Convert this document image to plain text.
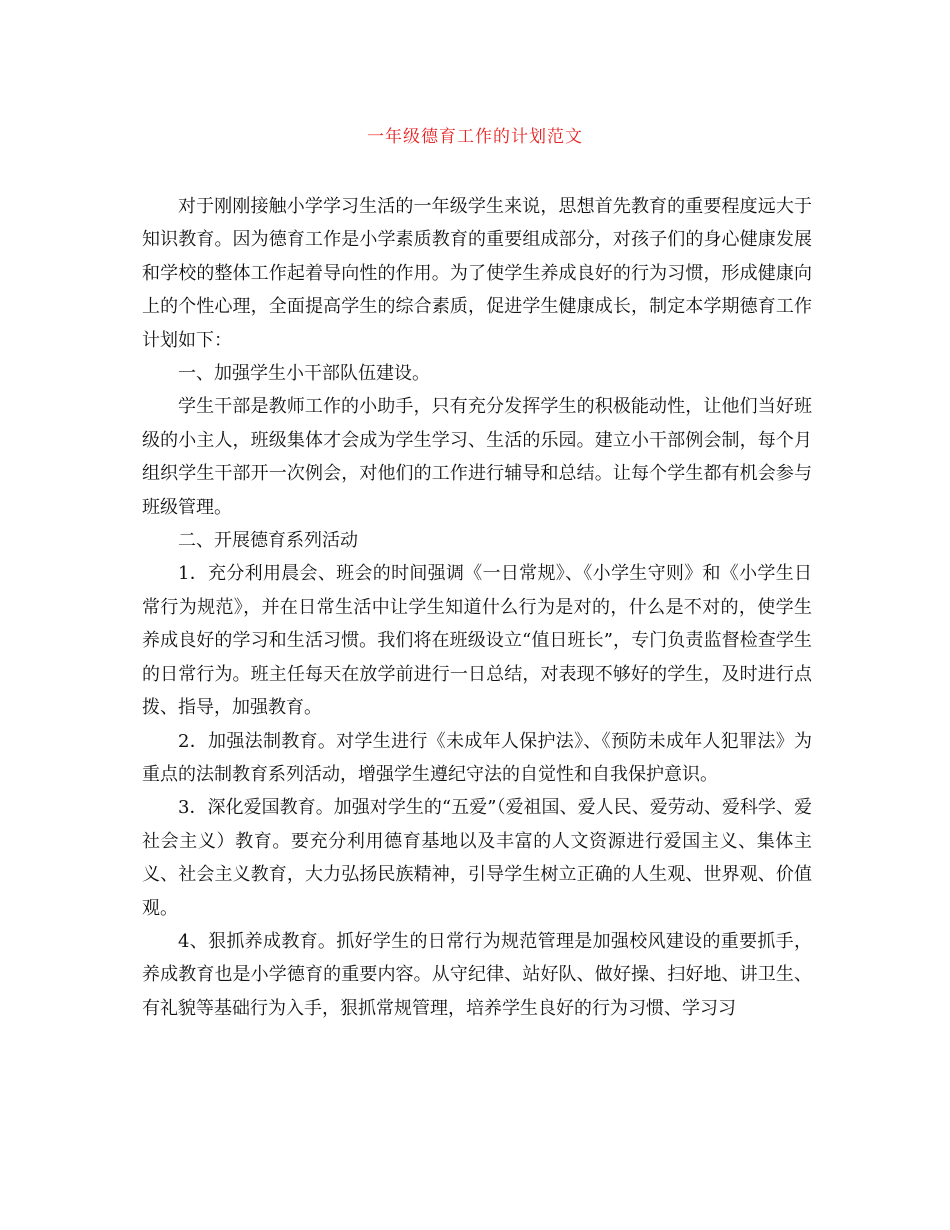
一年级德育工作的计划范文

对于刚刚接触小学学习生活的一年级学生来说，思想首先教育的重要程度远大于知识教育。因为德育工作是小学素质教育的重要组成部分，对孩子们的身心健康发展和学校的整体工作起着导向性的作用。为了使学生养成良好的行为习惯，形成健康向上的个性心理，全面提高学生的综合素质，促进学生健康成长，制定本学期德育工作计划如下：

一、加强学生小干部队伍建设。

学生干部是教师工作的小助手，只有充分发挥学生的积极能动性，让他们当好班级的小主人，班级集体才会成为学生学习、生活的乐园。建立小干部例会制，每个月组织学生干部开一次例会，对他们的工作进行辅导和总结。让每个学生都有机会参与班级管理。

二、开展德育系列活动

1．充分利用晨会、班会的时间强调《一日常规》、《小学生守则》和《小学生日常行为规范》，并在日常生活中让学生知道什么行为是对的，什么是不对的，使学生养成良好的学习和生活习惯。我们将在班级设立“值日班长”，专门负责监督检查学生的日常行为。班主任每天在放学前进行一日总结，对表现不够好的学生，及时进行点拨、指导，加强教育。

2．加强法制教育。对学生进行《未成年人保护法》、《预防未成年人犯罪法》为重点的法制教育系列活动，增强学生遵纪守法的自觉性和自我保护意识。

3．深化爱国教育。加强对学生的“五爱”（爱祖国、爱人民、爱劳动、爱科学、爱社会主义）教育。要充分利用德育基地以及丰富的人文资源进行爱国主义、集体主义、社会主义教育，大力弘扬民族精神，引导学生树立正确的人生观、世界观、价值观。

4、狠抓养成教育。抓好学生的日常行为规范管理是加强校风建设的重要抓手，养成教育也是小学德育的重要内容。从守纪律、站好队、做好操、扫好地、讲卫生、有礼貌等基础行为入手，狠抓常规管理，培养学生良好的行为习惯、学习习
